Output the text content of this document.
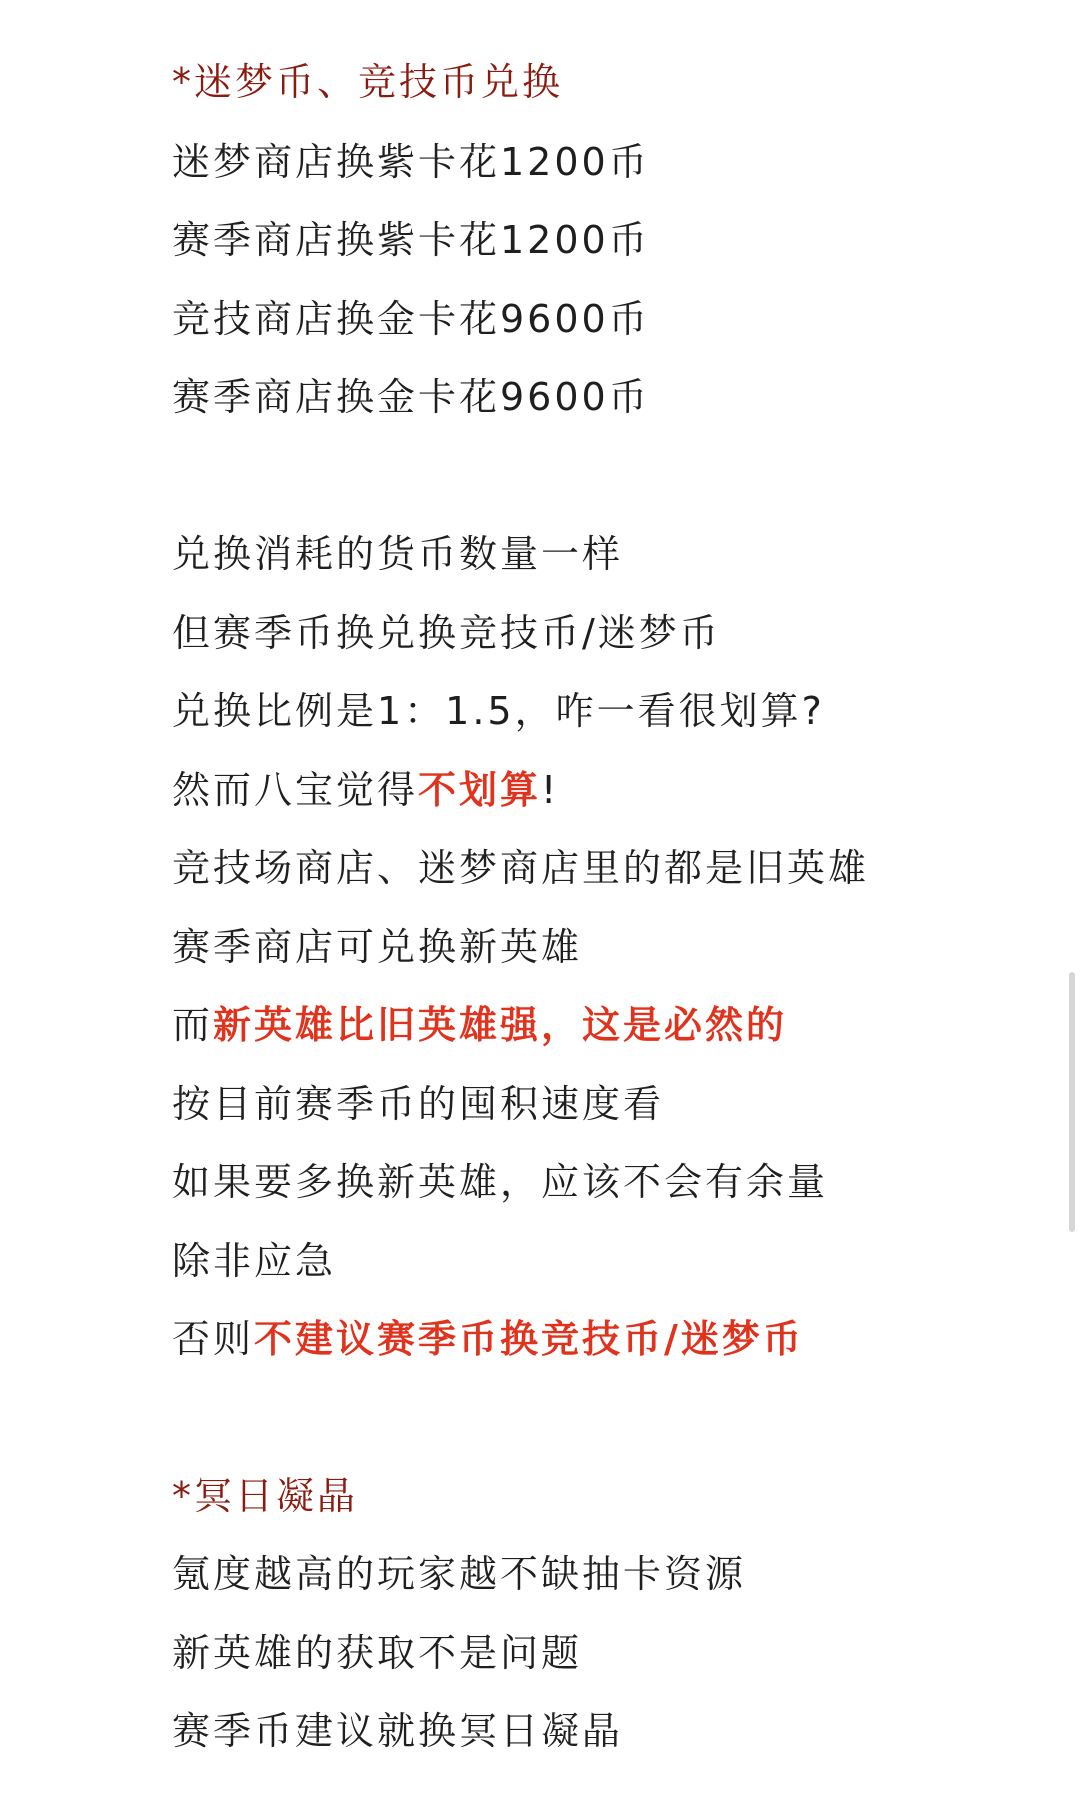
*迷梦币、竞技币兑换
迷梦商店换紫卡花1200币
赛季商店换紫卡花1200币
竞技商店换金卡花9600币
赛季商店换金卡花9600币
兑换消耗的货币数量一样
但赛季币换兑换竞技币/迷梦币
兑换比例是1：1.5，咋一看很划算?
然而八宝觉得不划算!
竞技场商店、迷梦商店里的都是旧英雄
赛季商店可兑换新英雄
而新英雄比旧英雄强，这是必然的
按目前赛季币的囤积速度看
如果要多换新英雄，应该不会有余量
除非应急
否则不建议赛季币换竞技币/迷梦币
*冥日凝晶
氪度越高的玩家越不缺抽卡资源
新英雄的获取不是问题
赛季币建议就换冥日凝晶
